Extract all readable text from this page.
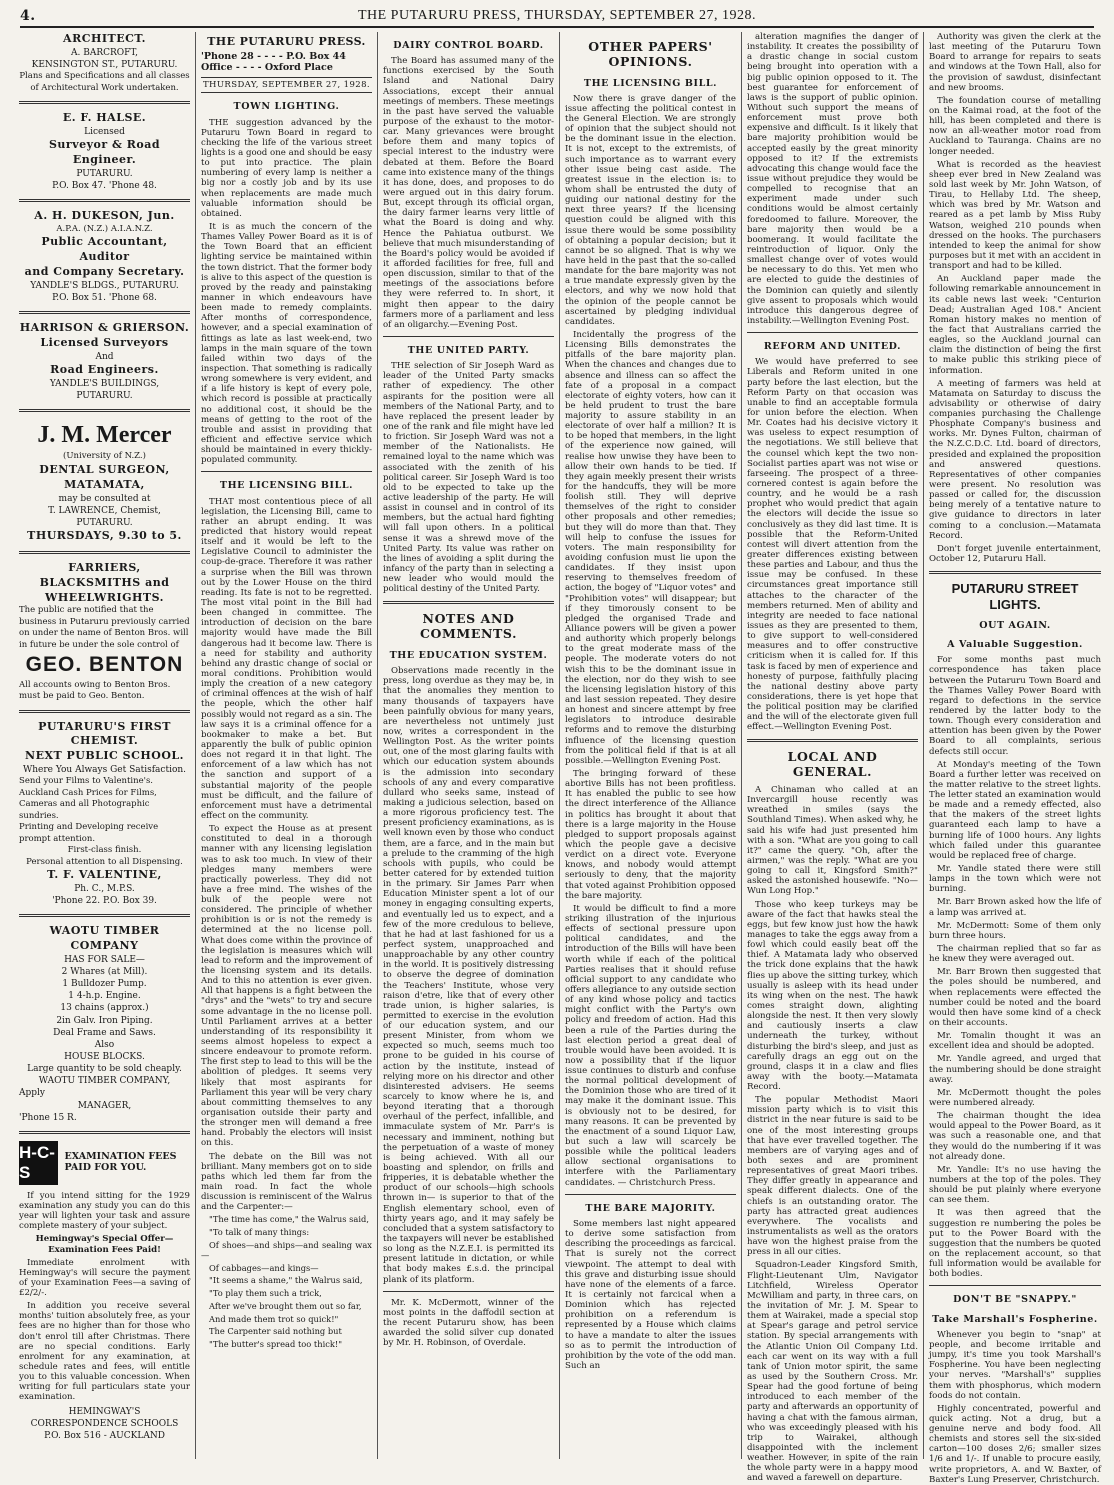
4.	THE PUTARURU PRESS, THURSDAY, SEPTEMBER 27, 1928.
ARCHITECT.
A. BARCROFT,
KENSINGTON ST., PUTARURU.
Plans and Specifications and all classes of Architectural Work undertaken.
E. F. HALSE.
Licensed
Surveyor & Road Engineer.
PUTARURU.
P.O. Box 47. 'Phone 48.
A. H. DUKESON, Jun.
A.P.A. (N.Z.) A.I.A.N.Z.
Public Accountant, Auditor
and Company Secretary.
YANDLE'S BLDGS., PUTARURU.
P.O. Box 51. 'Phone 68.
HARRISON & GRIERSON.
Licensed Surveyors
And
Road Engineers.
YANDLE'S BUILDINGS,
PUTARURU.
J. M. Mercer
(University of N.Z.)
DENTAL SURGEON,
MATAMATA,
may be consulted at
T. LAWRENCE, Chemist,
PUTARURU.
THURSDAYS, 9.30 to 5.
FARRIERS, BLACKSMITHS and WHEELWRIGHTS.
The public are notified that the business in Putaruru previously carried on under the name of Benton Bros. will in future be under the sole control of
GEO. BENTON
All accounts owing to Benton Bros. must be paid to Geo. Benton.
PUTARURU'S FIRST CHEMIST.
NEXT PUBLIC SCHOOL.
Where You Always Get Satisfaction.
Send your Films to Valentine's. Auckland Cash Prices for Films, Cameras and all Photographic sundries.
Printing and Developing receive prompt attention.
First-class finish.
Personal attention to all Dispensing.
T. F. VALENTINE,
Ph. C., M.P.S.
'Phone 22. P.O. Box 39.
WAOTU TIMBER COMPANY
HAS FOR SALE—
2 Whares (at Mill).
1 Bulldozer Pump.
1 4-h.p. Engine.
13 chains (approx.)
2in Galv. Iron Piping.
Deal Frame and Saws.
Also
HOUSE BLOCKS.
Large quantity to be sold cheaply.
WAOTU TIMBER COMPANY,
Apply
MANAGER,
'Phone 15 R.
H-C-S
EXAMINATION FEES PAID FOR YOU.

If you intend sitting for the 1929 examination any study you can do this year will lighten your task and assure complete mastery of your subject.

Hemingway's Special Offer— Examination Fees Paid!

Immediate enrolment with Hemingway's will secure the payment of your Examination Fees—a saving of £2/2/-.

In addition you receive several months' tuition absolutely free, as your fees are no higher than for those who don't enrol till after Christmas. There are no special conditions. Early enrolment for any examination, at schedule rates and fees, will entitle you to this valuable concession. When writing for full particulars state your examination.

HEMINGWAY'S
CORRESPONDENCE SCHOOLS
P.O. Box 516 - AUCKLAND
THE PUTARURU PRESS.
'Phone 28 - - - - P.O. Box 44
Office - - - - Oxford Place
THURSDAY, SEPTEMBER 27, 1928.
TOWN LIGHTING.

THE suggestion advanced by the Putaruru Town Board in regard to checking the life of the various street lights is a good one and should be easy to put into practice. The plain numbering of every lamp is neither a big nor a costly job and by its use when replacements are made much valuable information should be obtained.

It is as much the concern of the Thames Valley Power Board as it is of the Town Board that an efficient lighting service be maintained within the town district. That the former body is alive to this aspect of the question is proved by the ready and painstaking manner in which endeavours have been made to remedy complaints. After months of correspondence, however, and a special examination of fittings as late as last week-end, two lamps in the main square of the town failed within two days of the inspection. That something is radically wrong somewhere is very evident, and if a life history is kept of every pole, which record is possible at practically no additional cost, it should be the means of getting to the root of the trouble and assist in providing that efficient and effective service which should be maintained in every thickly-populated community.

THE LICENSING BILL.

THAT most contentious piece of all legislation, the Licensing Bill, came to rather an abrupt ending. It was predicted that history would repeat itself and it would be left to the Legislative Council to administer the coup-de-grace. Therefore it was rather a surprise when the Bill was thrown out by the Lower House on the third reading. Its fate is not to be regretted. The most vital point in the Bill had been changed in committee. The introduction of decision on the bare majority would have made the Bill dangerous had it become law. There is a need for stability and authority behind any drastic change of social or moral conditions. Prohibition would imply the creation of a new category of criminal offences at the wish of half the people, which the other half possibly would not regard as a sin. The law says it is a criminal offence for a bookmaker to make a bet. But apparently the bulk of public opinion does not regard it in that light. The enforcement of a law which has not the sanction and support of a substantial majority of the people must be difficult, and the failure of enforcement must have a detrimental effect on the community.

To expect the House as at present constituted to deal in a thorough manner with any licensing legislation was to ask too much. In view of their pledges many members were practically powerless. They did not have a free mind. The wishes of the bulk of the people were not considered. The principle of whether prohibition is or is not the remedy is determined at the no license poll. What does come within the province of the legislation is measures which will lead to reform and the improvement of the licensing system and its details. And to this no attention is ever given. All that happens is a fight between the "drys" and the "wets" to try and secure some advantage in the no license poll. Until Parliament arrives at a better understanding of its responsibility it seems almost hopeless to expect a sincere endeavour to promote reform. The first step to lead to this will be the abolition of pledges. It seems very likely that most aspirants for Parliament this year will be very chary about committing themselves to any organisation outside their party and the stronger men will demand a free hand. Probably the electors will insist on this.

The debate on the Bill was not brilliant. Many members got on to side paths which led them far from the main road. In fact the whole discussion is reminiscent of the Walrus and the Carpenter:—

"The time has come," the Walrus said,

"To talk of many things:

Of shoes—and ships—and sealing wax—

Of cabbages—and kings—

"It seems a shame," the Walrus said,

"To play them such a trick,

After we've brought them out so far,

And made them trot so quick!"

The Carpenter said nothing but

"The butter's spread too thick!"

DAIRY CONTROL BOARD.

The Board has assumed many of the functions exercised by the South Island and National Dairy Associations, except their annual meetings of members. These meetings in the past have served the valuable purpose of the exhaust to the motor-car. Many grievances were brought before them and many topics of special interest to the industry were debated at them. Before the Board came into existence many of the things it has done, does, and proposes to do were argued out in this dairy forum. But, except through its official organ, the dairy farmer learns very little of what the Board is doing and why. Hence the Pahiatua outburst. We believe that much misunderstanding of the Board's policy would be avoided if it afforded facilities for free, full and open discussion, similar to that of the meetings of the associations before they were referred to. In short, it might then appear to the dairy farmers more of a parliament and less of an oligarchy.—Evening Post.

THE UNITED PARTY.

THE selection of Sir Joseph Ward as leader of the United Party smacks rather of expediency. The other aspirants for the position were all members of the National Party, and to have replaced the present leader by one of the rank and file might have led to friction. Sir Joseph Ward was not a member of the Nationalists. He remained loyal to the name which was associated with the zenith of his political career. Sir Joseph Ward is too old to be expected to take up the active leadership of the party. He will assist in counsel and in control of its members, but the actual hard fighting will fall upon others. In a political sense it was a shrewd move of the United Party. Its value was rather on the lines of avoiding a split during the infancy of the party than in selecting a new leader who would mould the political destiny of the United Party.

NOTES AND COMMENTS.
THE EDUCATION SYSTEM.

Observations made recently in the press, long overdue as they may be, in that the anomalies they mention to many thousands of taxpayers have been painfully obvious for many years, are nevertheless not untimely just now, writes a correspondent in the Wellington Post. As the writer points out, one of the most glaring faults with which our education system abounds is the admission into secondary schools of any and every comparative dullard who seeks same, instead of making a judicious selection, based on a more rigorous proficiency test. The present proficiency examinations, as is well known even by those who conduct them, are a farce, and in the main but a prelude to the cramming of the high schools with pupils, who could be better catered for by extended tuition in the primary. Sir James Parr when Education Minister spent a lot of our money in engaging consulting experts, and eventually led us to expect, and a few of the more credulous to believe, that he had at last fashioned for us a perfect system, unapproached and unapproachable by any other country in the world. It is positively distressing to observe the degree of domination the Teachers' Institute, whose very raison d'etre, like that of every other trade union, is higher salaries, is permitted to exercise in the evolution of our education system, and our present Minister, from whom we expected so much, seems much too prone to be guided in his course of action by the institute, instead of relying more on his director and other disinterested advisers. He seems scarcely to know where he is, and beyond iterating that a thorough overhaul of the perfect, infallible, and immaculate system of Mr. Parr's is necessary and imminent, nothing but the perpetuation of a waste of money is being achieved. With all our boasting and splendor, on frills and fripperies, it is debatable whether the product of our schools—high schools thrown in— is superior to that of the English elementary school, even of thirty years ago, and it may safely be concluded that a system satisfactory to the taxpayers will never be established so long as the N.Z.E.I. is permitted its present latitude in dictation, or while that body makes £.s.d. the principal plank of its platform.

Mr. K. McDermott, winner of the most points in the daffodil section at the recent Putaruru show, has been awarded the solid silver cup donated by Mr. H. Robinson, of Overdale.

OTHER PAPERS' OPINIONS.
THE LICENSING BILL.

Now there is grave danger of the issue affecting the political contest in the General Election. We are strongly of opinion that the subject should not be the dominant issue in the election. It is not, except to the extremists, of such importance as to warrant every other issue being cast aside. The greatest issue in the election is: to whom shall be entrusted the duty of guiding our national destiny for the next three years? If the licensing question could be aligned with this issue there would be some possibility of obtaining a popular decision; but it cannot be so aligned. That is why we have held in the past that the so-called mandate for the bare majority was not a true mandate expressly given by the electors, and why we now hold that the opinion of the people cannot be ascertained by pledging individual candidates.

Incidentally the progress of the Licensing Bills demonstrates the pitfalls of the bare majority plan. When the chances and changes due to absence and illness can so affect the fate of a proposal in a compact electorate of eighty voters, how can it be held prudent to trust the bare majority to assure stability in an electorate of over half a million? It is to be hoped that members, in the light of the experience now gained, will realise how unwise they have been to allow their own hands to be tied. If they again meekly present their wrists for the handcuffs, they will be more foolish still. They will deprive themselves of the right to consider other proposals and other remedies; but they will do more than that. They will help to confuse the issues for voters. The main responsibility for avoiding confusion must lie upon the candidates. If they insist upon reserving to themselves freedom of action, the bogey of "Liquor votes" and "Prohibition votes" will disappear; but if they timorously consent to be pledged the organised Trade and Alliance powers will be given a power and authority which properly belongs to the great moderate mass of the people. The moderate voters do not wish this to be the dominant issue in the election, nor do they wish to see the licensing legislation history of this and last session repeated. They desire an honest and sincere attempt by free legislators to introduce desirable reforms and to remove the disturbing influence of the licensing question from the political field if that is at all possible.—Wellington Evening Post.

The bringing forward of these abortive Bills has not been profitless. It has enabled the public to see how the direct interference of the Alliance in politics has brought it about that there is a large majority in the House pledged to support proposals against which the people gave a decisive verdict on a direct vote. Everyone knows, and nobody would attempt seriously to deny, that the majority that voted against Prohibition opposed the bare majority.

It would be difficult to find a more striking illustration of the injurious effects of sectional pressure upon political candidates, and the introduction of the Bills will have been worth while if each of the political Parties realises that it should refuse official support to any candidate who offers allegiance to any outside section of any kind whose policy and tactics might conflict with the Party's own policy and freedom of action. Had this been a rule of the Parties during the last election period a great deal of trouble would have been avoided. It is now a possibility that if the liquor issue continues to disturb and confuse the normal political development of the Dominion those who are tired of it may make it the dominant issue. This is obviously not to be desired, for many reasons. It can be prevented by the enactment of a sound Liquor Law, but such a law will scarcely be possible while the political leaders allow sectional organisations to interfere with the Parliamentary candidates. — Christchurch Press.

THE BARE MAJORITY.

Some members last night appeared to derive some satisfaction from describing the proceedings as farcical. That is surely not the correct viewpoint. The attempt to deal with this grave and disturbing issue should have none of the elements of a farce. It is certainly not farcical when a Dominion which has rejected prohibition on a referendum is represented by a House which claims to have a mandate to alter the issues so as to permit the introduction of prohibition by the vote of the odd man. Such an

alteration magnifies the danger of instability. It creates the possibility of a drastic change in social custom being brought into operation with a big public opinion opposed to it. The best guarantee for enforcement of laws is the support of public opinion. Without such support the means of enforcement must prove both expensive and difficult. Is it likely that bare majority prohibition would be accepted easily by the great minority opposed to it? If the extremists advocating this change would face the issue without prejudice they would be compelled to recognise that an experiment made under such conditions would be almost certainly foredoomed to failure. Moreover, the bare majority then would be a boomerang. It would facilitate the reintroduction of liquor. Only the smallest change over of votes would be necessary to do this. Yet men who are elected to guide the destinies of the Dominion can quietly and silently give assent to proposals which would introduce this dangerous degree of instability.—Wellington Evening Post.

REFORM AND UNITED.

We would have preferred to see Liberals and Reform united in one party before the last election, but the Reform Party on that occasion was unable to find an acceptable formula for union before the election. When Mr. Coates had his decisive victory it was useless to expect resumption of the negotiations. We still believe that the counsel which kept the two non-Socialist parties apart was not wise or farseeing. The prospect of a three-cornered contest is again before the country, and he would be a rash prophet who would predict that again the electors will decide the issue so conclusively as they did last time. It is possible that the Reform-United contest will divert attention from the greater differences existing between these parties and Labour, and thus the issue may be confused. In these circumstances great importance still attaches to the character of the members returned. Men of ability and integrity are needed to face national issues as they are presented to them, to give support to well-considered measures and to offer constructive criticism when it is called for. If this task is faced by men of experience and honesty of purpose, faithfully placing the national destiny above party considerations, there is yet hope that the political position may be clarified and the will of the electorate given full effect.—Wellington Evening Post.

LOCAL AND GENERAL.

A Chinaman who called at an Invercargill house recently was wreathed in smiles (says the Southland Times). When asked why, he said his wife had just presented him with a son. "What are you going to call it?" came the query. "Oh, after the airmen," was the reply. "What are you going to call it, Kingsford Smith?" asked the astonished housewife. "No—Wun Long Hop."

Those who keep turkeys may be aware of the fact that hawks steal the eggs, but few know just how the hawk manages to take the eggs away from a fowl which could easily beat off the thief. A Matamata lady who observed the trick done explains that the hawk flies up above the sitting turkey, which usually is asleep with its head under its wing when on the nest. The hawk comes straight down, alighting alongside the nest. It then very slowly and cautiously inserts a claw underneath the turkey, without disturbing the bird's sleep, and just as carefully drags an egg out on the ground, clasps it in a claw and flies away with the booty.—Matamata Record.

The popular Methodist Maori mission party which is to visit this district in the near future is said to be one of the most interesting groups that have ever travelled together. The members are of varying ages and of both sexes and are prominent representatives of great Maori tribes. They differ greatly in appearance and speak different dialects. One of the chiefs is an outstanding orator. The party has attracted great audiences everywhere. The vocalists and instrumentalists as well as the orators have won the highest praise from the press in all our cities.

Squadron-Leader Kingsford Smith, Flight-Lieutenant Ulm, Navigator Litchfield, Wireless Operator McWilliam and party, in three cars, on the invitation of Mr. J. M. Spear to them at Wairakei, made a special stop at Spear's garage and petrol service station. By special arrangements with the Atlantic Union Oil Company Ltd. each car went on its way with a full tank of Union motor spirit, the same as used by the Southern Cross. Mr. Spear had the good fortune of being introduced to each member of the party and afterwards an opportunity of having a chat with the famous airman, who was exceedingly pleased with his trip to Wairakei, although disappointed with the inclement weather. However, in spite of the rain the whole party were in a happy mood and waved a farewell on departure.

Authority was given the clerk at the last meeting of the Putaruru Town Board to arrange for repairs to seats and windows at the Town Hall, also for the provision of sawdust, disinfectant and new brooms.

The foundation course of metalling on the Kaimai road, at the foot of the hill, has been completed and there is now an all-weather motor road from Auckland to Tauranga. Chains are no longer needed.

What is recorded as the heaviest sheep ever bred in New Zealand was sold last week by Mr. John Watson, of Tirau, to Hellaby Ltd. The sheep, which was bred by Mr. Watson and reared as a pet lamb by Miss Ruby Watson, weighed 210 pounds when dressed on the hooks. The purchasers intended to keep the animal for show purposes but it met with an accident in transport and had to be killed.

An Auckland paper made the following remarkable announcement in its cable news last week: "Centurion Dead; Australian Aged 108." Ancient Roman history makes no mention of the fact that Australians carried the eagles, so the Auckland journal can claim the distinction of being the first to make public this striking piece of information.

A meeting of farmers was held at Matamata on Saturday to discuss the advisability or otherwise of dairy companies purchasing the Challenge Phosphate Company's business and works. Mr. Dynes Fulton, chairman of the N.Z.C.D.C. Ltd. board of directors, presided and explained the proposition and answered questions. Representatives of other companies were present. No resolution was passed or called for, the discussion being merely of a tentative nature to give guidance to directors in later coming to a conclusion.—Matamata Record.

Don't forget juvenile entertainment, October 12, Putaruru Hall.

PUTARURU STREET LIGHTS.
OUT AGAIN.
A Valuable Suggestion.

For some months past much correspondence has taken place between the Putaruru Town Board and the Thames Valley Power Board with regard to defections in the service rendered by the latter body to the town. Though every consideration and attention has been given by the Power Board to all complaints, serious defects still occur.

At Monday's meeting of the Town Board a further letter was received on the matter relative to the street lights. The letter stated an examination would be made and a remedy effected, also that the makers of the street lights guaranteed each lamp to have a burning life of 1000 hours. Any lights which failed under this guarantee would be replaced free of charge.

Mr. Yandle stated there were still lamps in the town which were not burning.

Mr. Barr Brown asked how the life of a lamp was arrived at.

Mr. McDermott: Some of them only burn three hours.

The chairman replied that so far as he knew they were averaged out.

Mr. Barr Brown then suggested that the poles should be numbered, and when replacements were effected the number could be noted and the board would then have some kind of a check on their accounts.

Mr. Tomalin thought it was an excellent idea and should be adopted.

Mr. Yandle agreed, and urged that the numbering should be done straight away.

Mr. McDermott thought the poles were numbered already.

The chairman thought the idea would appeal to the Power Board, as it was such a reasonable one, and that they would do the numbering if it was not already done.

Mr. Yandle: It's no use having the numbers at the top of the poles. They should be put plainly where everyone can see them.

It was then agreed that the suggestion re numbering the poles be put to the Power Board with the suggestion that the numbers be quoted on the replacement account, so that full information would be available for both bodies.

DON'T BE "SNAPPY."
Take Marshall's Fospherine.

Whenever you begin to "snap" at people, and become irritable and jumpy, it's time you took Marshall's Fospherine. You have been neglecting your nerves. "Marshall's" supplies them with phosphorus, which modern foods do not contain.

Highly concentrated, powerful and quick acting. Not a drug, but a genuine nerve and body food. All chemists and stores sell the six-sided carton—100 doses 2/6; smaller sizes 1/6 and 1/-. If unable to procure easily, write proprietors, A. and W. Baxter, of Baxter's Lung Preserver, Christchurch.
